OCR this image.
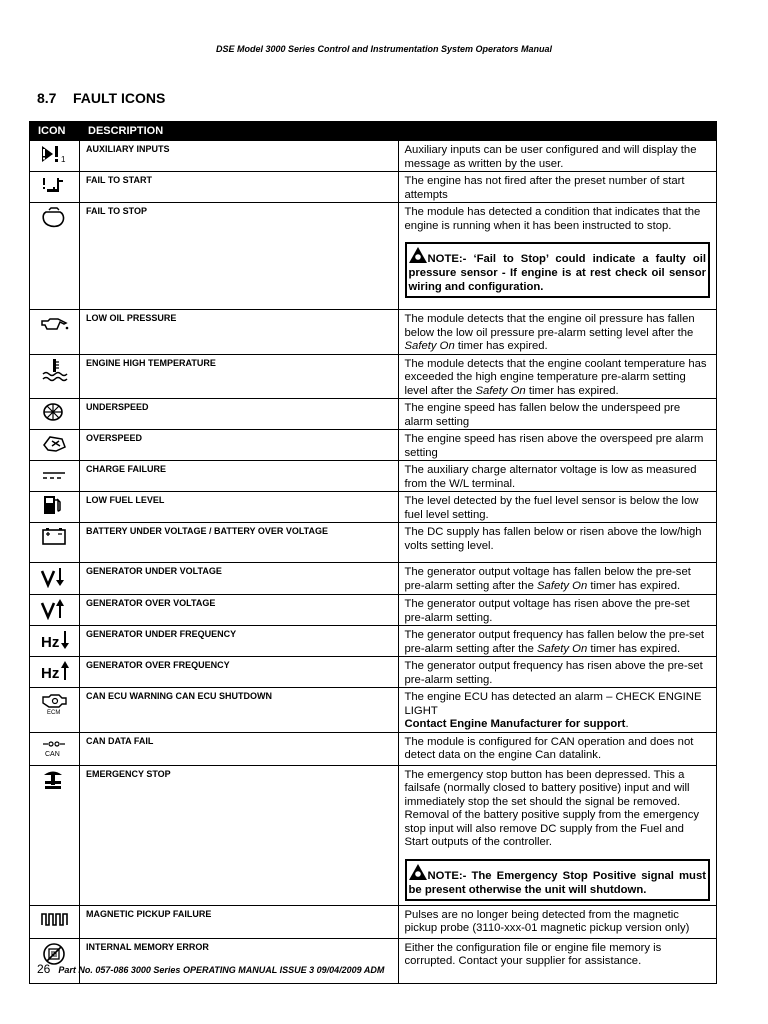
DSE Model 3000 Series Control and Instrumentation System Operators Manual
8.7 FAULT ICONS
ICON	DESCRIPTION	

1	AUXILIARY INPUTS	Auxiliary inputs can be user configured and will display the message as written by the user.

	FAIL TO START	The engine has not fired after the preset number of start attempts

	FAIL TO STOP	The module has detected a condition that indicates that the engine is running when it has been instructed to stop.
NOTE:- ‘Fail to Stop’ could indicate a faulty oil pressure sensor - If engine is at rest check oil sensor wiring and configuration.

	LOW OIL PRESSURE	The module detects that the engine oil pressure has fallen below the low oil pressure pre-alarm setting level after the Safety On timer has expired.

	ENGINE HIGH TEMPERATURE	The module detects that the engine coolant temperature has exceeded the high engine temperature pre-alarm setting level after the Safety On timer has expired.

	UNDERSPEED	The engine speed has fallen below the underspeed pre alarm setting

	OVERSPEED	The engine speed has risen above the overspeed pre alarm setting

	CHARGE FAILURE	The auxiliary charge alternator voltage is low as measured from the W/L terminal.

	LOW FUEL LEVEL	The level detected by the fuel level sensor is below the low fuel level setting.

	BATTERY UNDER VOLTAGE / BATTERY OVER VOLTAGE	The DC supply has fallen below or risen above the low/high volts setting level.

	GENERATOR UNDER VOLTAGE	The generator output voltage has fallen below the pre-set pre-alarm setting after the Safety On timer has expired.

	GENERATOR OVER VOLTAGE	The generator output voltage has risen above the pre-set pre-alarm setting.

Hz	GENERATOR UNDER FREQUENCY	The generator output frequency has fallen below the pre-set pre-alarm setting after the Safety On timer has expired.

Hz	GENERATOR OVER FREQUENCY	The generator output frequency has risen above the pre-set pre-alarm setting.

ECM	CAN ECU WARNING CAN ECU SHUTDOWN	The engine ECU has detected an alarm – CHECK ENGINE LIGHT
Contact Engine Manufacturer for support.

CAN	CAN DATA FAIL	The module is configured for CAN operation and does not detect data on the engine Can datalink.

	EMERGENCY STOP	The emergency stop button has been depressed. This a failsafe (normally closed to battery positive) input and will immediately stop the set should the signal be removed.
Removal of the battery positive supply from the emergency stop input will also remove DC supply from the Fuel and Start outputs of the controller.
NOTE:- The Emergency Stop Positive signal must be present otherwise the unit will shutdown.

	MAGNETIC PICKUP FAILURE	Pulses are no longer being detected from the magnetic pickup probe (3110-xxx-01 magnetic pickup version only)

	INTERNAL MEMORY ERROR	Either the configuration file or engine file memory is corrupted. Contact your supplier for assistance.
26 Part No. 057-086 3000 Series OPERATING MANUAL ISSUE 3 09/04/2009 ADM
